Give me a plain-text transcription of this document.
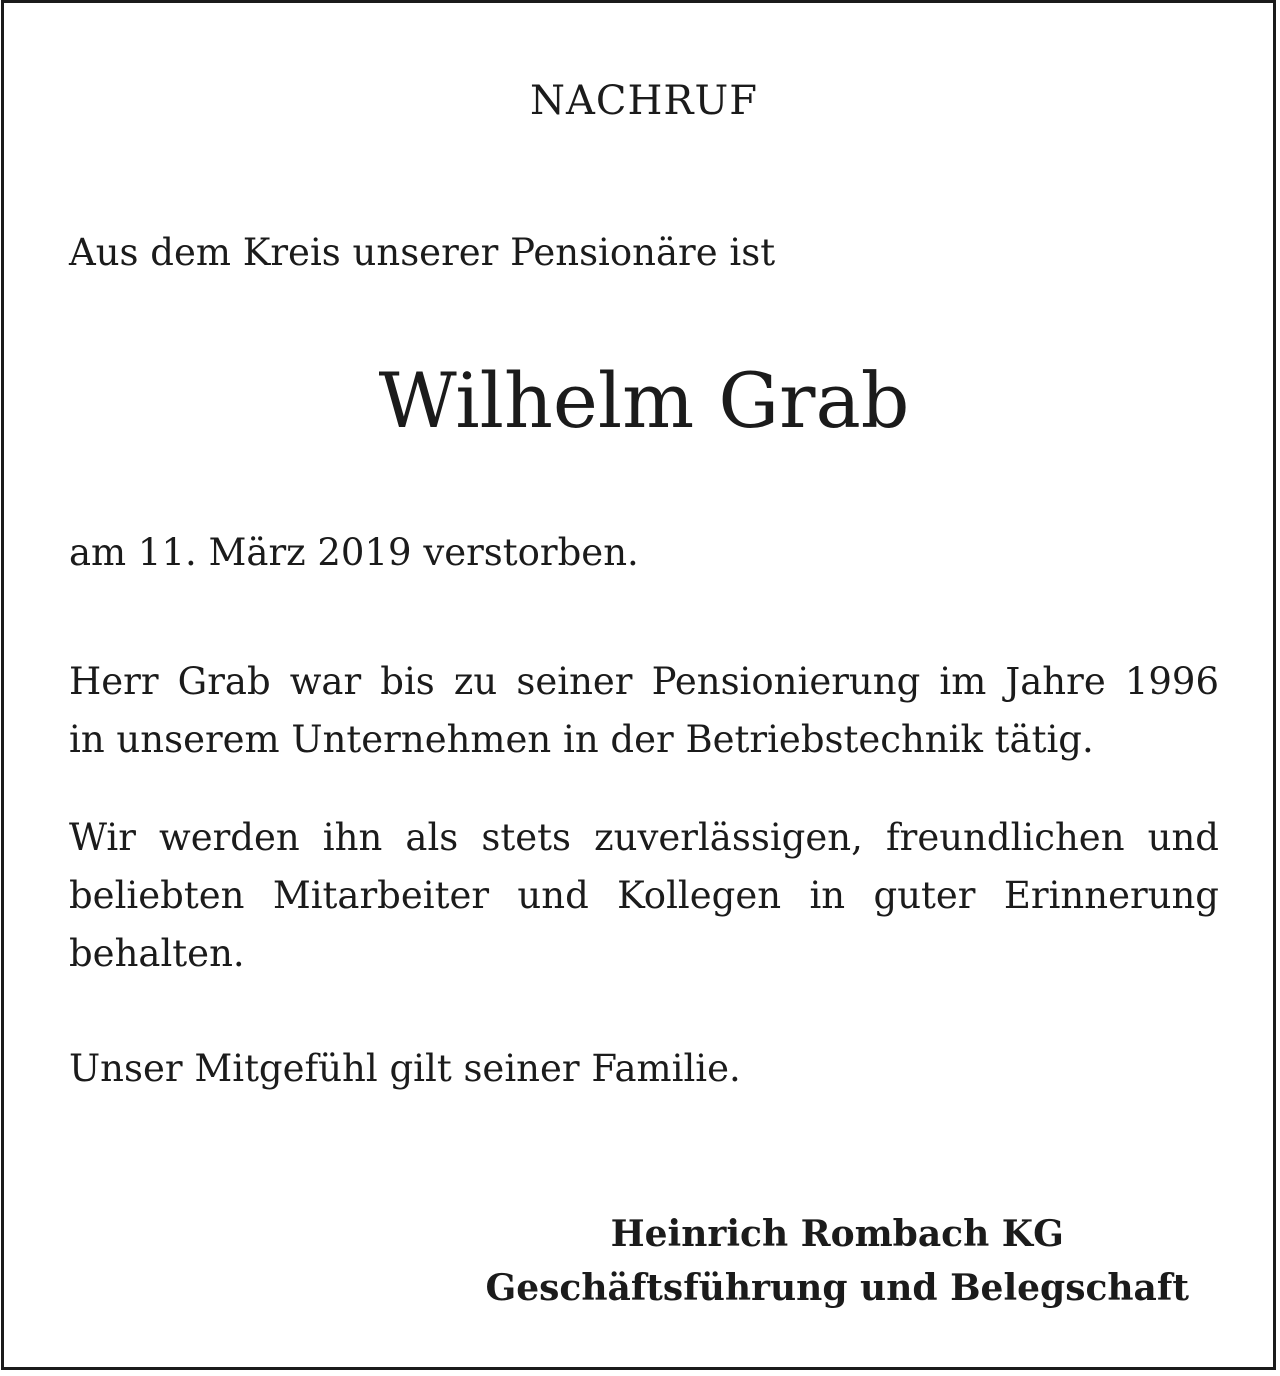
NACHRUF
Aus dem Kreis unserer Pensionäre ist
Wilhelm Grab
am 11. März 2019 verstorben.
Herr Grab war bis zu seiner Pensionierung im Jahre 1996
in unserem Unternehmen in der Betriebstechnik tätig.
Wir werden ihn als stets zuverlässigen, freundlichen und
beliebten Mitarbeiter und Kollegen in guter Erinnerung
behalten.
Unser Mitgefühl gilt seiner Familie.
Heinrich Rombach KG
Geschäftsführung und Belegschaft
